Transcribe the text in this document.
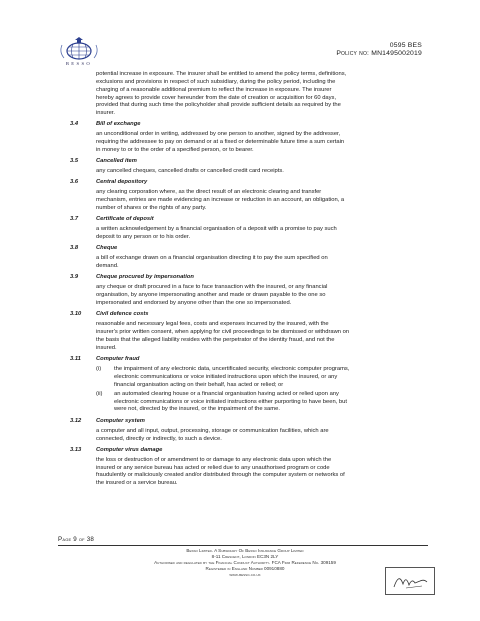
BESSO
0595 BES
Policy no: MN1495002019

potential increase in exposure. The insurer shall be entitled to amend the policy terms, definitions,

exclusions and provisions in respect of such subsidiary, during the policy period, including the

charging of a reasonable additional premium to reflect the increase in exposure. The insurer

hereby agrees to provide cover hereunder from the date of creation or acquisition for 60 days,

provided that during such time the policyholder shall provide sufficient details as required by the

insurer.

3.4	Bill of exchange

an unconditional order in writing, addressed by one person to another, signed by the addresser,

requiring the addressee to pay on demand or at a fixed or determinable future time a sum certain

in money to or to the order of a specified person, or to bearer.

3.5	Cancelled item

any cancelled cheques, cancelled drafts or cancelled credit card receipts.

3.6	Central depository

any clearing corporation where, as the direct result of an electronic clearing and transfer

mechanism, entries are made evidencing an increase or reduction in an account, an obligation, a

number of shares or the rights of any party.

3.7	Certificate of deposit

a written acknowledgement by a financial organisation of a deposit with a promise to pay such

deposit to any person or to his order.

3.8	Cheque

a bill of exchange drawn on a financial organisation directing it to pay the sum specified on

demand.

3.9	Cheque procured by impersonation

any cheque or draft procured in a face to face transaction with the insured, or any financial

organisation, by anyone impersonating another and made or drawn payable to the one so

impersonated and endorsed by anyone other than the one so impersonated.

3.10	Civil defence costs

reasonable and necessary legal fees, costs and expenses incurred by the insured, with the

insurer's prior written consent, when applying for civil proceedings to be dismissed or withdrawn on

the basis that the alleged liability resides with the perpetrator of the identity fraud, and not the

insured.

3.11	Computer fraud

(i) the impairment of any electronic data, uncertificated security, electronic computer programs,

electronic communications or voice initiated instructions upon which the insured, or any

financial organisation acting on their behalf, has acted or relied; or

(ii) an automated clearing house or a financial organisation having acted or relied upon any

electronic communications or voice initiated instructions either purporting to have been, but

were not, directed by the insured, or the impairment of the same.

3.12	Computer system

a computer and all input, output, processing, storage or communication facilities, which are

connected, directly or indirectly, to such a device.

3.13	Computer virus damage

the loss or destruction of or amendment to or damage to any electronic data upon which the

insured or any service bureau has acted or relied due to any unauthorised program or code

fraudulently or maliciously created and/or distributed through the computer system or networks of

the insured or a service bureau.

Page 9 of 38
Besso Limited. A Subsidiary Of Besso Insurance Group Limited
8-11 Crescent, London EC3N 2LY
Authorised and regulated by the Financial Conduct Authority. FCA Firm Reference No. 309159
Registered in England Number 00910880
www.besso.co.uk
